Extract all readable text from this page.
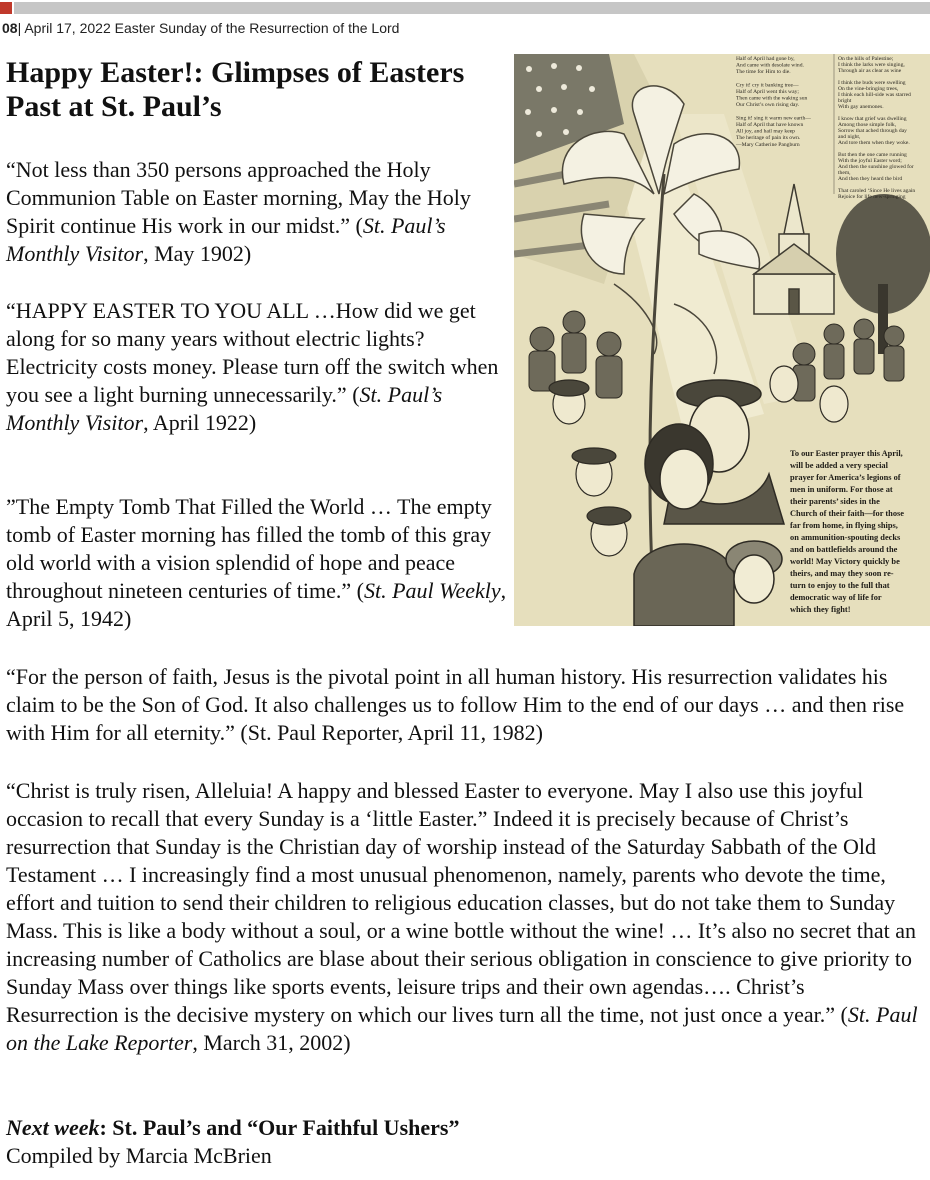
08| April 17, 2022 Easter Sunday of the Resurrection of the Lord
Happy Easter!: Glimpses of Easters Past at St. Paul’s

“Not less than 350 persons approached the Holy Communion Table on Easter morning, May the Holy Spirit continue His work in our midst.” (St. Paul’s Monthly Visitor, May 1902)

“HAPPY EASTER TO YOU ALL …How did we get along for so many years without electric lights? Electricity costs money. Please turn off the switch when you see a light burning unnecessarily.” (St. Paul’s Monthly Visitor, April 1922)

”The Empty Tomb That Filled the World … The empty tomb of Easter morning has filled the tomb of this gray old world with a vision splendid of hope and peace throughout nineteen centuries of time.” (St. Paul Weekly, April 5, 1942)

“For the person of faith, Jesus is the pivotal point in all human history. His resurrection validates his claim to be the Son of God. It also challenges us to follow Him to the end of our days … and then rise with Him for all eternity.” (St. Paul Reporter, April 11, 1982)

“Christ is truly risen, Alleluia! A happy and blessed Easter to everyone. May I also use this joyful occasion to recall that every Sunday is a ‘little Easter.” Indeed it is precisely because of Christ’s resurrection that Sunday is the Christian day of worship instead of the Saturday Sabbath of the Old Testament … I increasingly find a most unusual phenomenon, namely, parents who devote the time, effort and tuition to send their children to religious education classes, but do not take them to Sunday Mass. This is like a body without a soul, or a wine bottle without the wine! … It’s also no secret that an increasing number of Catholics are blase about their serious obligation in conscience to give priority to Sunday Mass over things like sports events, leisure trips and their own agendas…. Christ’s Resurrection is the decisive mystery on which our lives turn all the time, not just once a year.” (St. Paul on the Lake Reporter, March 31, 2002)

Next week: St. Paul’s and “Our Faithful Ushers”

Compiled by Marcia McBrien

Half of April had gone by,
And came with desolate wind.
The time for Him to die.
Cry it! cry it banking tree—
Half of April went this way;
Then came with the waking sun
Our Christ’s own rising day.
Sing it! sing it warm new earth—
Half of April that have known
All joy, and hail may keep
The heritage of pain its own.
—Mary Catherine Pangburn
On the hills of Palestine;
I think the larks were singing,
Through air as clear as wine
I think the buds were swelling
On the vine-bringing trees,
I think each hill-side was starred
bright
With gay anemones.
I know that grief was dwelling
Among those simple folk,
Sorrow that ached through day
and night,
And tore them when they woke.
But then the one came running
With the joyful Easter word;
And then the sunshine glowed for
them,
And then they heard the bird
That caroled ‘Since He lives again
Rejoice for life new-springing
To our Easter prayer this April,
will be added a very special
prayer for America’s legions of
men in uniform. For those at
their parents’ sides in the
Church of their faith—for those
far from home, in flying ships,
on ammunition-spouting decks
and on battlefields around the
world! May Victory quickly be
theirs, and may they soon re-
turn to enjoy to the full that
democratic way of life for
which they fight!
